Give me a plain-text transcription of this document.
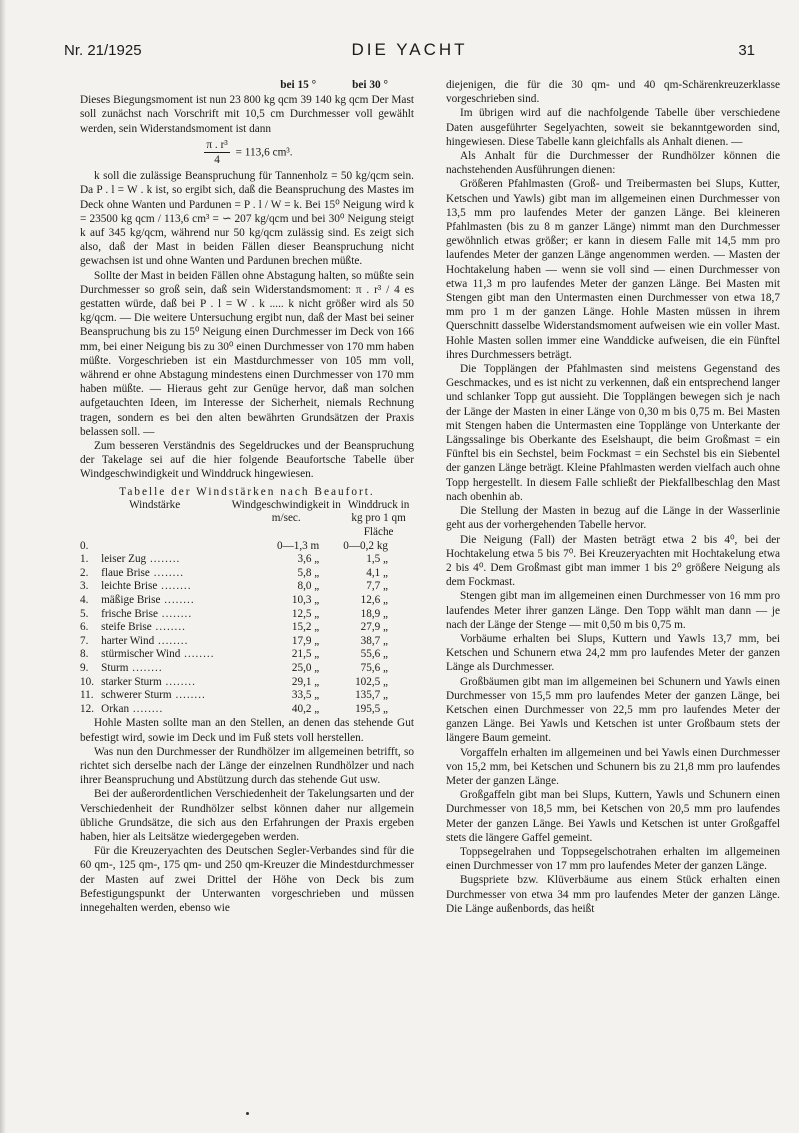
Nr. 21/1925	DIE YACHT	31
bei 15 °	bei 30 °

Dieses Biegungsmoment ist nun 23 800 kg qcm 39 140 kg qcm Der Mast soll zunächst nach Vorschrift mit 10,5 cm Durchmesser voll gewählt werden, sein Widerstandsmoment ist dann

$\frac{\text{π . r³}}{4} = 113,6$ cm³.

k soll die zulässige Beanspruchung für Tannenholz = 50 kg/qcm sein. Da P . l = W . k ist, so ergibt sich, daß die Beanspruchung des Mastes im Deck ohne Wanten und Pardunen = P . l / W = k. Bei 15⁰ Neigung wird k = 23500 kg qcm / 113,6 cm³ = ∽ 207 kg/qcm und bei 30⁰ Neigung steigt k auf 345 kg/qcm, während nur 50 kg/qcm zulässig sind. Es zeigt sich also, daß der Mast in beiden Fällen dieser Beanspruchung nicht gewachsen ist und ohne Wanten und Pardunen brechen müßte.

Sollte der Mast in beiden Fällen ohne Abstagung halten, so müßte sein Durchmesser so groß sein, daß sein Widerstandsmoment: π . r³ / 4 es gestatten würde, daß bei P . l = W . k ..... k nicht größer wird als 50 kg/qcm. — Die weitere Untersuchung ergibt nun, daß der Mast bei seiner Beanspruchung bis zu 15⁰ Neigung einen Durchmesser im Deck von 166 mm, bei einer Neigung bis zu 30⁰ einen Durchmesser von 170 mm haben müßte. Vorgeschrieben ist ein Mastdurchmesser von 105 mm voll, während er ohne Abstagung mindestens einen Durchmesser von 170 mm haben müßte. — Hieraus geht zur Genüge hervor, daß man solchen aufgetauchten Ideen, im Interesse der Sicherheit, niemals Rechnung tragen, sondern es bei den alten bewährten Grundsätzen der Praxis belassen soll. —

Zum besseren Verständnis des Segeldruckes und der Beanspruchung der Takelage sei auf die hier folgende Beaufortsche Tabelle über Windgeschwindigkeit und Winddruck hingewiesen.

Tabelle der Windstärken nach Beaufort.
Windstärke		Windgeschwindigkeit in m/sec.	Winddruck in kg pro 1 qm Fläche
0.		0—1,3 m	0—0,2 kg
1.	leiser Zug .....	3,6 „	1,5 „
2.	flaue Brise .....	5,8 „	4,1 „
3.	leichte Brise .....	8,0 „	7,7 „
4.	mäßige Brise .....	10,3 „	12,6 „
5.	frische Brise .....	12,5 „	18,9 „
6.	steife Brise .....	15,2 „	27,9 „
7.	harter Wind .....	17,9 „	38,7 „
8.	stürmischer Wind .....	21,5 „	55,6 „
9.	Sturm .....	25,0 „	75,6 „
10.	starker Sturm .....	29,1 „	102,5 „
11.	schwerer Sturm .....	33,5 „	135,7 „
12.	Orkan .....	40,2 „	195,5 „

Hohle Masten sollte man an den Stellen, an denen das stehende Gut befestigt wird, sowie im Deck und im Fuß stets voll herstellen.

Was nun den Durchmesser der Rundhölzer im allgemeinen betrifft, so richtet sich derselbe nach der Länge der einzelnen Rundhölzer und nach ihrer Beanspruchung und Abstützung durch das stehende Gut usw.

Bei der außerordentlichen Verschiedenheit der Takelungsarten und der Verschiedenheit der Rundhölzer selbst können daher nur allgemein übliche Grundsätze, die sich aus den Erfahrungen der Praxis ergeben haben, hier als Leitsätze wiedergegeben werden.

Für die Kreuzeryachten des Deutschen Segler-Verbandes sind für die 60 qm-, 125 qm-, 175 qm- und 250 qm-Kreuzer die Mindestdurchmesser der Masten auf zwei Drittel der Höhe von Deck bis zum Befestigungspunkt der Unterwanten vorgeschrieben und müssen innegehalten werden, ebenso wie

diejenigen, die für die 30 qm- und 40 qm-Schärenkreuzerklasse vorgeschrieben sind.

Im übrigen wird auf die nachfolgende Tabelle über verschiedene Daten ausgeführter Segelyachten, soweit sie bekanntgeworden sind, hingewiesen. Diese Tabelle kann gleichfalls als Anhalt dienen. —

Als Anhalt für die Durchmesser der Rundhölzer können die nachstehenden Ausführungen dienen:

Größeren Pfahlmasten (Groß- und Treibermasten bei Slups, Kutter, Ketschen und Yawls) gibt man im allgemeinen einen Durchmesser von 13,5 mm pro laufendes Meter der ganzen Länge. Bei kleineren Pfahlmasten (bis zu 8 m ganzer Länge) nimmt man den Durchmesser gewöhnlich etwas größer; er kann in diesem Falle mit 14,5 mm pro laufendes Meter der ganzen Länge angenommen werden. — Masten der Hochtakelung haben — wenn sie voll sind — einen Durchmesser von etwa 11,3 m pro laufendes Meter der ganzen Länge. Bei Masten mit Stengen gibt man den Untermasten einen Durchmesser von etwa 18,7 mm pro 1 m der ganzen Länge. Hohle Masten müssen in ihrem Querschnitt dasselbe Widerstandsmoment aufweisen wie ein voller Mast. Hohle Masten sollen immer eine Wanddicke aufweisen, die ein Fünftel ihres Durchmessers beträgt.

Die Topplängen der Pfahlmasten sind meistens Gegenstand des Geschmackes, und es ist nicht zu verkennen, daß ein entsprechend langer und schlanker Topp gut aussieht. Die Topplängen bewegen sich je nach der Länge der Masten in einer Länge von 0,30 m bis 0,75 m. Bei Masten mit Stengen haben die Untermasten eine Topplänge von Unterkante der Längssalinge bis Oberkante des Eselshaupt, die beim Großmast = ein Fünftel bis ein Sechstel, beim Fockmast = ein Sechstel bis ein Siebentel der ganzen Länge beträgt. Kleine Pfahlmasten werden vielfach auch ohne Topp hergestellt. In diesem Falle schließt der Piekfallbeschlag den Mast nach obenhin ab.

Die Stellung der Masten in bezug auf die Länge in der Wasserlinie geht aus der vorhergehenden Tabelle hervor.

Die Neigung (Fall) der Masten beträgt etwa 2 bis 4⁰, bei der Hochtakelung etwa 5 bis 7⁰. Bei Kreuzeryachten mit Hochtakelung etwa 2 bis 4⁰. Dem Großmast gibt man immer 1 bis 2⁰ größere Neigung als dem Fockmast.

Stengen gibt man im allgemeinen einen Durchmesser von 16 mm pro laufendes Meter ihrer ganzen Länge. Den Topp wählt man dann — je nach der Länge der Stenge — mit 0,50 m bis 0,75 m.

Vorbäume erhalten bei Slups, Kuttern und Yawls 13,7 mm, bei Ketschen und Schunern etwa 24,2 mm pro laufendes Meter der ganzen Länge als Durchmesser.

Großbäumen gibt man im allgemeinen bei Schunern und Yawls einen Durchmesser von 15,5 mm pro laufendes Meter der ganzen Länge, bei Ketschen einen Durchmesser von 22,5 mm pro laufendes Meter der ganzen Länge. Bei Yawls und Ketschen ist unter Großbaum stets der längere Baum gemeint.

Vorgaffeln erhalten im allgemeinen und bei Yawls einen Durchmesser von 15,2 mm, bei Ketschen und Schunern bis zu 21,8 mm pro laufendes Meter der ganzen Länge.

Großgaffeln gibt man bei Slups, Kuttern, Yawls und Schunern einen Durchmesser von 18,5 mm, bei Ketschen von 20,5 mm pro laufendes Meter der ganzen Länge. Bei Yawls und Ketschen ist unter Großgaffel stets die längere Gaffel gemeint.

Toppsegelrahen und Toppsegelschotrahen erhalten im allgemeinen einen Durchmesser von 17 mm pro laufendes Meter der ganzen Länge.

Bugspriete bzw. Klüverbäume aus einem Stück erhalten einen Durchmesser von etwa 34 mm pro laufendes Meter der ganzen Länge. Die Länge außenbords, das heißt
